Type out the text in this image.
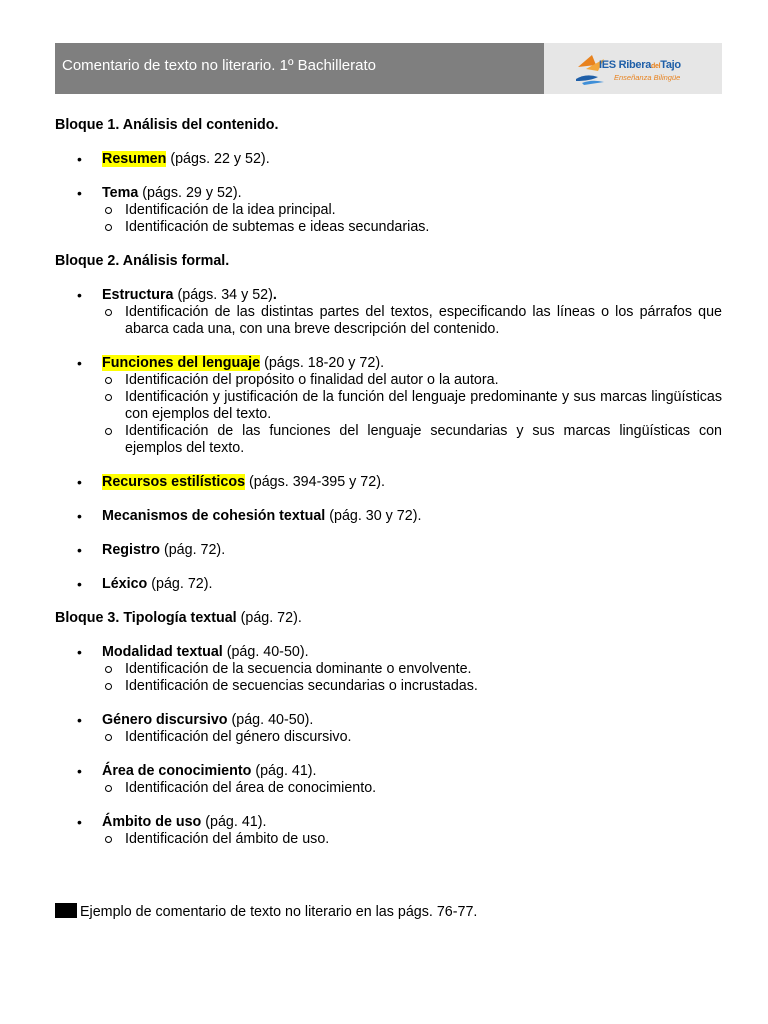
Comentario de texto no literario. 1º Bachillerato	IES RiberadelTajo
Enseñanza Bilingüe
Bloque 1. Análisis del contenido.
• Resumen (págs. 22 y 52).
• Tema (págs. 29 y 52).
Identificación de la idea principal.
Identificación de subtemas e ideas secundarias.
Bloque 2. Análisis formal.
• Estructura (págs. 34 y 52).
Identificación de las distintas partes del textos, especificando las líneas o los párrafos que abarca cada una, con una breve descripción del contenido.
• Funciones del lenguaje (págs. 18-20 y 72).
Identificación del propósito o finalidad del autor o la autora.
Identificación y justificación de la función del lenguaje predominante y sus marcas lingüísticas con ejemplos del texto.
Identificación de las funciones del lenguaje secundarias y sus marcas lingüísticas con ejemplos del texto.
• Recursos estilísticos (págs. 394-395 y 72).
• Mecanismos de cohesión textual (pág. 30 y 72).
• Registro (pág. 72).
• Léxico (pág. 72).
Bloque 3. Tipología textual (pág. 72).
• Modalidad textual (pág. 40-50).
Identificación de la secuencia dominante o envolvente.
Identificación de secuencias secundarias o incrustadas.
• Género discursivo (pág. 40-50).
Identificación del género discursivo.
• Área de conocimiento (pág. 41).
Identificación del área de conocimiento.
• Ámbito de uso (pág. 41).
Identificación del ámbito de uso.
Ejemplo de comentario de texto no literario en las págs. 76-77.
